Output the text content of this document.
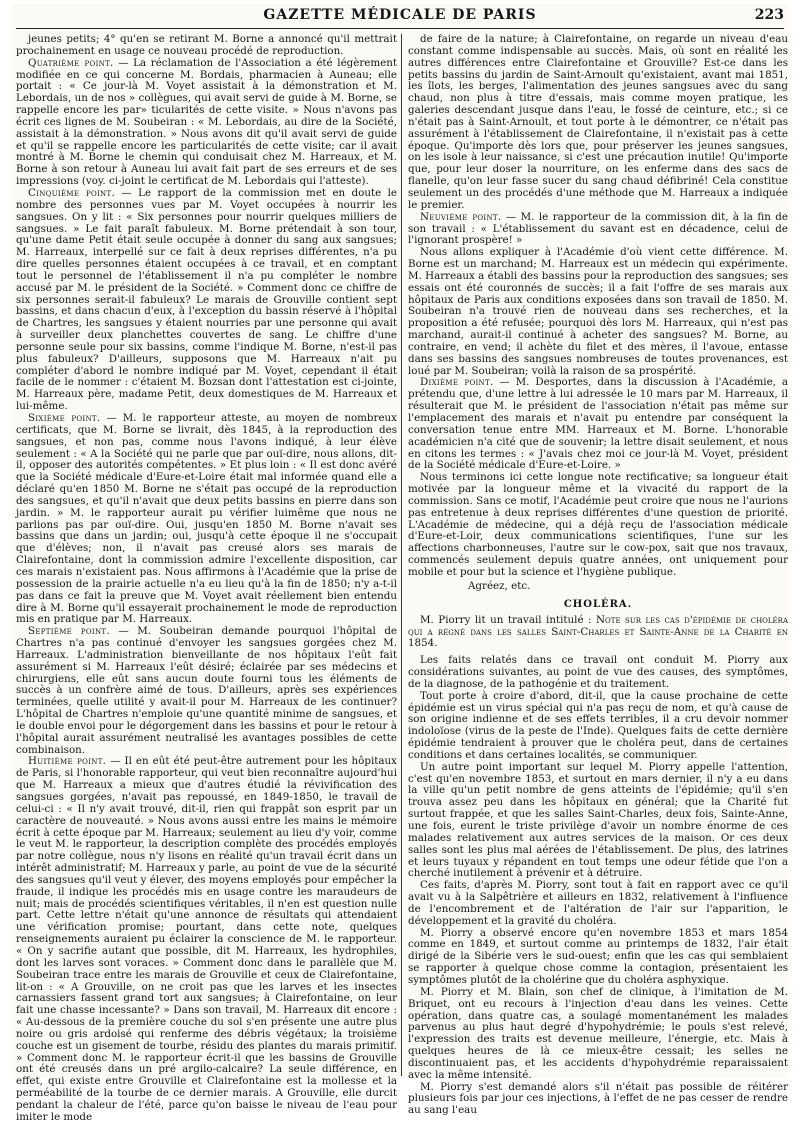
GAZETTE MÉDICALE DE PARIS	223

jeunes petits; 4° qu'en se retirant M. Borne a annoncé qu'il mettrait prochainement en usage ce nouveau procédé de reproduction.

Quatrième point. — La réclamation de l'Association a été légèrement modifiée en ce qui concerne M. Bordais, pharmacien à Auneau; elle portait : « Ce jour-là M. Voyet assistait à la démonstration et M. Lebordais, un de nos » collègues, qui avait servi de guide à M. Borne, se rappelle encore les par» ticularités de cette visite. » Nous n'avons pas écrit ces lignes de M. Soubeiran : « M. Lebordais, au dire de la Société, assistait à la démonstration. » Nous avons dit qu'il avait servi de guide et qu'il se rappelle encore les particularités de cette visite; car il avait montré à M. Borne le chemin qui conduisait chez M. Harreaux, et M. Borne à son retour à Auneau lui avait fait part de ses erreurs et de ses impressions (voy. ci-joint le certificat de M. Lebordais qui l'atteste).

Cinquième point. — Le rapport de la commission met en doute le nombre des personnes vues par M. Voyet occupées à nourrir les sangsues. On y lit : « Six personnes pour nourrir quelques milliers de sangsues. » Le fait paraît fabuleux. M. Borne prétendait à son tour, qu'une dame Petit était seule occupée à donner du sang aux sangsues; M. Harreaux, interpellé sur ce fait à deux reprises différentes, n'a pu dire quelles personnes étaient occupées à ce travail, et en comptant tout le personnel de l'établissement il n'a pu compléter le nombre accusé par M. le président de la Société. » Comment donc ce chiffre de six personnes serait-il fabuleux? Le marais de Grouville contient sept bassins, et dans chacun d'eux, à l'exception du bassin réservé à l'hôpital de Chartres, les sangsues y étaient nourries par une personne qui avait à surveiller deux planchettes couvertes de sang. Le chiffre d'une personne seule pour six bassins, comme l'indique M. Borne, n'est-il pas plus fabuleux? D'ailleurs, supposons que M. Harreaux n'ait pu compléter d'abord le nombre indiqué par M. Voyet, cependant il était facile de le nommer : c'étaient M. Bozsan dont l'attestation est ci-jointe, M. Harreaux père, madame Petit, deux domestiques de M. Harreaux et lui-même.

Sixième point. — M. le rapporteur atteste, au moyen de nombreux certificats, que M. Borne se livrait, dès 1845, à la reproduction des sangsues, et non pas, comme nous l'avons indiqué, à leur élève seulement : « A la Société qui ne parle que par ouï-dire, nous allons, dit-il, opposer des autorités compétentes. » Et plus loin : « Il est donc avéré que la Société médicale d'Eure-et-Loire était mal informée quand elle a déclaré qu'en 1850 M. Borne ne s'était pas occupé de la reproduction des sangsues, et qu'il n'avait que deux petits bassins en pierre dans son jardin. » M. le rapporteur aurait pu vérifier luimême que nous ne parlions pas par ouï-dire. Oui, jusqu'en 1850 M. Borne n'avait ses bassins que dans un jardin; oui, jusqu'à cette époque il ne s'occupait que d'élèves; non, il n'avait pas creusé alors ses marais de Clairefontaine, dont la commission admire l'excellente disposition, car ces marais n'existaient pas. Nous affirmons à l'Académie que la prise de possession de la prairie actuelle n'a eu lieu qu'à la fin de 1850; n'y a-t-il pas dans ce fait la preuve que M. Voyet avait réellement bien entendu dire à M. Borne qu'il essayerait prochainement le mode de reproduction mis en pratique par M. Harreaux.

Septième point. — M. Soubeiran demande pourquoi l'hôpital de Chartres n'a pas continué d'envoyer les sangsues gorgées chez M. Harreaux. L'administration bienveillante de nos hôpitaux l'eût fait assurément si M. Harreaux l'eût désiré; éclairée par ses médecins et chirurgiens, elle eût sans aucun doute fourni tous les éléments de succès à un confrère aimé de tous. D'ailleurs, après ses expériences terminées, quelle utilité y avait-il pour M. Harreaux de les continuer? L'hôpital de Chartres n'emploie qu'une quantité minime de sangsues, et le double envoi pour le dégorgement dans les bassins et pour le retour à l'hôpital aurait assurément neutralisé les avantages possibles de cette combinaison.

Huitième point. — Il en eût été peut-être autrement pour les hôpitaux de Paris, si l'honorable rapporteur, qui veut bien reconnaître aujourd'hui que M. Harreaux a mieux que d'autres étudié la révivification des sangsues gorgées, n'avait pas repoussé, en 1849-1850, le travail de celui-ci : « Il n'y avait trouvé, dit-il, rien qui frappât son esprit par un caractère de nouveauté. » Nous avons aussi entre les mains le mémoire écrit à cette époque par M. Harreaux; seulement au lieu d'y voir, comme le veut M. le rapporteur, la description complète des procédés employés par notre collègue, nous n'y lisons en réalité qu'un travail écrit dans un intérêt administratif; M. Harreaux y parle, au point de vue de la sécurité des sangsues qu'il veut y élever, des moyens employés pour empêcher la fraude, il indique les procédés mis en usage contre les maraudeurs de nuit; mais de procédés scientifiques véritables, il n'en est question nulle part. Cette lettre n'était qu'une annonce de résultats qui attendaient une vérification promise; pourtant, dans cette note, quelques renseignements auraient pu éclairer la conscience de M. le rapporteur. « On y sacrifie autant que possible, dit M. Harreaux, les hydrophiles, dont les larves sont voraces. » Comment donc dans le parallèle que M. Soubeiran trace entre les marais de Grouville et ceux de Clairefontaine, lit-on : « A Grouville, on ne croit pas que les larves et les insectes carnassiers fassent grand tort aux sangsues; à Clairefontaine, on leur fait une chasse incessante? » Dans son travail, M. Harreaux dit encore : « Au-dessous de la première couche du sol s'en présente une autre plus noire ou gris ardoisé qui renferme des débris végétaux; la troisième couche est un gisement de tourbe, résidu des plantes du marais primitif. » Comment donc M. le rapporteur écrit-il que les bassins de Grouville ont été creusés dans un pré argilo-calcaire? La seule différence, en effet, qui existe entre Grouville et Clairefontaine est la mollesse et la perméabilité de la tourbe de ce dernier marais. A Grouville, elle durcit pendant la chaleur de l'été, parce qu'on baisse le niveau de l'eau pour imiter le mode

de faire de la nature; à Clairefontaine, on regarde un niveau d'eau constant comme indispensable au succès. Mais, où sont en réalité les autres différences entre Clairefontaine et Grouville? Est-ce dans les petits bassins du jardin de Saint-Arnoult qu'existaient, avant mai 1851, les îlots, les berges, l'alimentation des jeunes sangsues avec du sang chaud, non plus à titre d'essais, mais comme moyen pratique, les galeries descendant jusque dans l'eau, le fossé de ceinture, etc.; si ce n'était pas à Saint-Arnoult, et tout porte à le démontrer, ce n'était pas assurément à l'établissement de Clairefontaine, il n'existait pas à cette époque. Qu'importe dès lors que, pour préserver les jeunes sangsues, on les isole à leur naissance, si c'est une précaution inutile! Qu'importe que, pour leur doser la nourriture, on les enferme dans des sacs de flanelle, qu'on leur fasse sucer du sang chaud défibriné! Cela constitue seulement un des procédés d'une méthode que M. Harreaux a indiquée le premier.

Neuvième point. — M. le rapporteur de la commission dit, à la fin de son travail : « L'établissement du savant est en décadence, celui de l'ignorant prospère! »

Nous allons expliquer à l'Académie d'où vient cette différence. M. Borne est un marchand; M. Harreaux est un médecin qui expérimente. M. Harreaux a établi des bassins pour la reproduction des sangsues; ses essais ont été couronnés de succès; il a fait l'offre de ses marais aux hôpitaux de Paris aux conditions exposées dans son travail de 1850. M. Soubeiran n'a trouvé rien de nouveau dans ses recherches, et la proposition a été refusée; pourquoi dès lors M. Harreaux, qui n'est pas marchand, aurait-il continué à acheter des sangsues? M. Borne, au contraire, en vend; il achète du filet et des mères, il l'avoue, entasse dans ses bassins des sangsues nombreuses de toutes provenances, est loué par M. Soubeiran; voilà la raison de sa prospérité.

Dixième point. — M. Desportes, dans la discussion à l'Académie, a prétendu que, d'une lettre à lui adressée le 10 mars par M. Harreaux, il résulterait que M. le président de l'association n'était pas même sur l'emplacement des marais et n'avait pu entendre par conséquent la conversation tenue entre MM. Harreaux et M. Borne. L'honorable académicien n'a cité que de souvenir; la lettre disait seulement, et nous en citons les termes : « J'avais chez moi ce jour-là M. Voyet, président de la Société médicale d'Eure-et-Loire. »

Nous terminons ici cette longue note rectificative; sa longueur était motivée par la longueur même et la vivacité du rapport de la commission. Sans ce motif, l'Académie peut croire que nous ne l'aurions pas entretenue à deux reprises différentes d'une question de priorité. L'Académie de médecine, qui a déjà reçu de l'association médicale d'Eure-et-Loir, deux communications scientifiques, l'une sur les affections charbonneuses, l'autre sur le cow-pox, sait que nos travaux, commencés seulement depuis quatre années, ont uniquement pour mobile et pour but la science et l'hygiène publique.

Agréez, etc.

CHOLÉRA.

M. Piorry lit un travail intitulé : Note sur les cas d'épidémie de choléra qui a régné dans les salles Saint-Charles et Sainte-Anne de la Charité en 1854.

Les faits relatés dans ce travail ont conduit M. Piorry aux considérations suivantes, au point de vue des causes, des symptômes, de la diagnose, de la pathogénie et du traitement.

Tout porte à croire d'abord, dit-il, que la cause prochaine de cette épidémie est un virus spécial qui n'a pas reçu de nom, et qu'à cause de son origine indienne et de ses effets terribles, il a cru devoir nommer indoloïose (virus de la peste de l'Inde). Quelques faits de cette dernière épidémie tendraient à prouver que le choléra peut, dans de certaines conditions et dans certaines localités, se communiquer.

Un autre point important sur lequel M. Piorry appelle l'attention, c'est qu'en novembre 1853, et surtout en mars dernier, il n'y a eu dans la ville qu'un petit nombre de gens atteints de l'épidémie; qu'il s'en trouva assez peu dans les hôpitaux en général; que la Charité fut surtout frappée, et que les salles Saint-Charles, deux fois, Sainte-Anne, une fois, eurent le triste privilège d'avoir un nombre énorme de ces malades relativement aux autres services de la maison. Or ces deux salles sont les plus mal aérées de l'établissement. De plus, des latrines et leurs tuyaux y répandent en tout temps une odeur fétide que l'on a cherché inutilement à prévenir et à détruire.

Ces faits, d'après M. Piorry, sont tout à fait en rapport avec ce qu'il avait vu à la Salpêtrière et ailleurs en 1832, relativement à l'influence de l'encombrement et de l'altération de l'air sur l'apparition, le développement et la gravité du choléra.

M. Piorry a observé encore qu'en novembre 1853 et mars 1854 comme en 1849, et surtout comme au printemps de 1832, l'air était dirigé de la Sibérie vers le sud-ouest; enfin que les cas qui semblaient se rapporter à quelque chose comme la contagion, présentaient les symptômes plutôt de la cholérine que du choléra asphyxique.

M. Piorry et M. Blain, son chef de clinique, à l'imitation de M. Briquet, ont eu recours à l'injection d'eau dans les veines. Cette opération, dans quatre cas, a soulagé momentanément les malades parvenus au plus haut degré d'hypohydrémie; le pouls s'est relevé, l'expression des traits est devenue meilleure, l'énergie, etc. Mais à quelques heures de là ce mieux-être cessait; les selles ne discontinuaient pas, et les accidents d'hypohydrémie reparaissaient avec la même intensité.

M. Piorry s'est demandé alors s'il n'était pas possible de réitérer plusieurs fois par jour ces injections, à l'effet de ne pas cesser de rendre au sang l'eau
